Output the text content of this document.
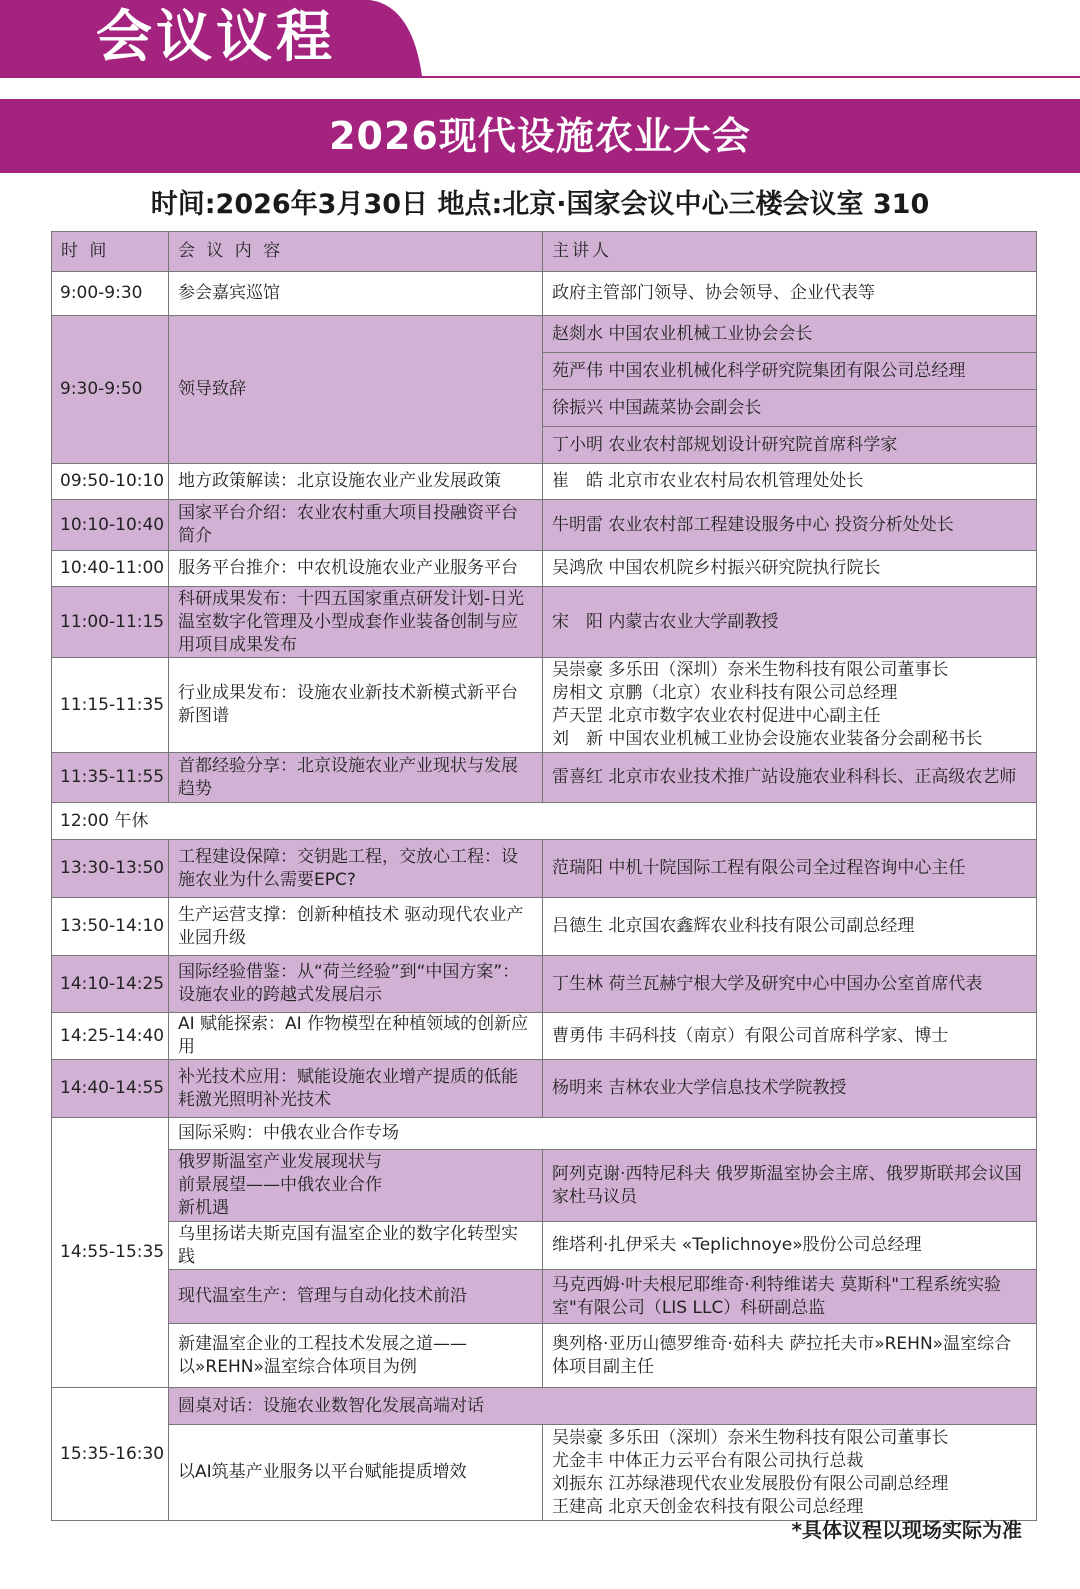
会议议程
2026现代设施农业大会
时间:2026年3月30日 地点:北京·国家会议中心三楼会议室 310
时 间	会 议 内 容	主讲人
9:00-9:30	参会嘉宾巡馆	政府主管部门领导、协会领导、企业代表等
9:30-9:50	领导致辞	赵剡水 中国农业机械工业协会会长
		苑严伟 中国农业机械化科学研究院集团有限公司总经理
		徐振兴 中国蔬菜协会副会长
		丁小明 农业农村部规划设计研究院首席科学家
09:50-10:10	地方政策解读：北京设施农业产业发展政策	崔　皓 北京市农业农村局农机管理处处长
10:10-10:40	国家平台介绍：农业农村重大项目投融资平台简介	牛明雷 农业农村部工程建设服务中心 投资分析处处长
10:40-11:00	服务平台推介：中农机设施农业产业服务平台	吴鸿欣 中国农机院乡村振兴研究院执行院长
11:00-11:15	科研成果发布：十四五国家重点研发计划-日光温室数字化管理及小型成套作业装备创制与应用项目成果发布	宋　阳 内蒙古农业大学副教授
11:15-11:35	行业成果发布：设施农业新技术新模式新平台新图谱	吴崇豪 多乐田（深圳）奈米生物科技有限公司董事长
房相文 京鹏（北京）农业科技有限公司总经理
芦天罡 北京市数字农业农村促进中心副主任
刘　新 中国农业机械工业协会设施农业装备分会副秘书长

11:35-11:55	首都经验分享：北京设施农业产业现状与发展趋势	雷喜红 北京市农业技术推广站设施农业科科长、正高级农艺师
12:00 午休		
13:30-13:50	工程建设保障：交钥匙工程，交放心工程：设施农业为什么需要EPC?	范瑞阳 中机十院国际工程有限公司全过程咨询中心主任
13:50-14:10	生产运营支撑：创新种植技术 驱动现代农业产业园升级	吕德生 北京国农鑫辉农业科技有限公司副总经理
14:10-14:25	国际经验借鉴：从“荷兰经验”到“中国方案”：设施农业的跨越式发展启示	丁生林 荷兰瓦赫宁根大学及研究中心中国办公室首席代表
14:25-14:40	AI 赋能探索：AI 作物模型在种植领域的创新应用	曹勇伟 丰码科技（南京）有限公司首席科学家、博士
14:40-14:55	补光技术应用：赋能设施农业增产提质的低能耗激光照明补光技术	杨明来 吉林农业大学信息技术学院教授
14:55-15:35	国际采购：中俄农业合作专场	

	俄罗斯温室产业发展现状与
前景展望——中俄农业合作
新机遇	阿列克谢·西特尼科夫 俄罗斯温室协会主席、俄罗斯联邦会议国家杜马议员
	乌里扬诺夫斯克国有温室企业的数字化转型实践	维塔利·扎伊采夫 «Teplichnoye»股份公司总经理
	现代温室生产：管理与自动化技术前沿	马克西姆·叶夫根尼耶维奇·利特维诺夫 莫斯科"工程系统实验室"有限公司（LIS LLC）科研副总监

	新建温室企业的工程技术发展之道——
以»REHN»温室综合体项目为例	奥列格·亚历山德罗维奇·茹科夫 萨拉托夫市»REHN»温室综合体项目副主任
15:35-16:30	圆桌对话：设施农业数智化发展高端对话	
	以AI筑基产业服务以平台赋能提质增效	吴崇豪 多乐田（深圳）奈米生物科技有限公司董事长
尤金丰 中体正力云平台有限公司执行总裁
刘振东 江苏绿港现代农业发展股份有限公司副总经理
王建高 北京天创金农科技有限公司总经理
*具体议程以现场实际为准
